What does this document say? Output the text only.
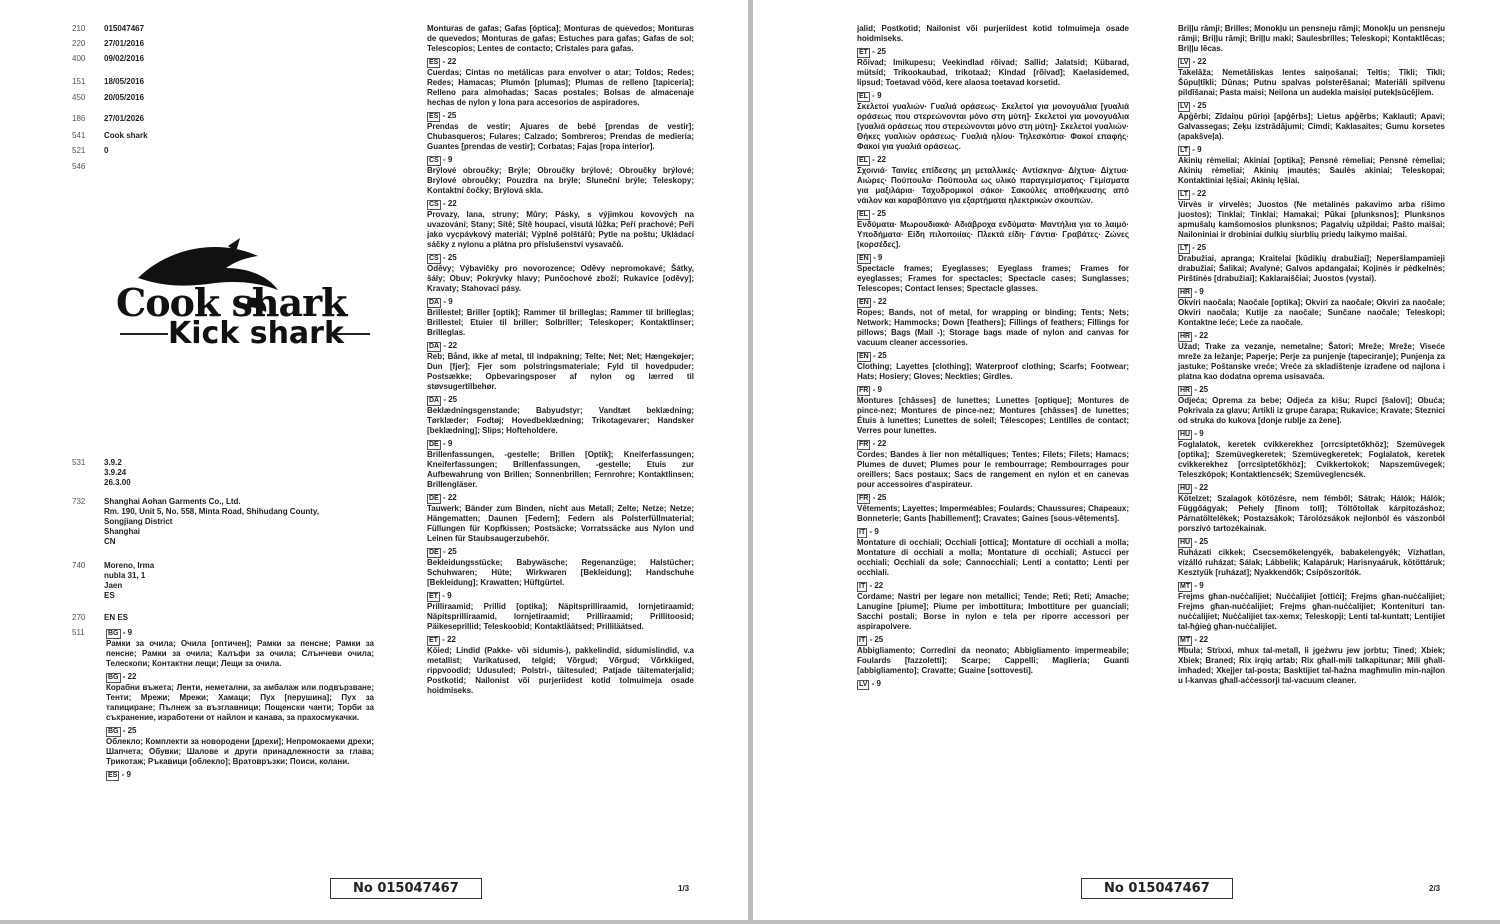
210	015047467
220	27/01/2016
400	09/02/2016
151	18/05/2016
450	20/05/2016
186	27/01/2026
541	Cook shark
521	0
546
Cook shark
Kick shark
531	3.9.2
3.9.24
26.3.00
732	Shanghai Aohan Garments Co., Ltd.
Rm. 190, Unit 5, No. 558, Minta Road, Shihudang County,
Songjiang District
Shanghai
CN
740	Moreno, Irma
nubla 31, 1
Jaen
ES
270	EN ES
511	BG - 9
Рамки за очила; Очила [оптичен]; Рамки за пенсне; Рамки за пенсне; Рамки за очила; Калъфи за очила; Слънчеви очила; Телескопи; Контактни лещи; Лещи за очила.
BG - 22
Корабни въжета; Ленти, неметални, за амбалаж или подвързване; Тенти; Мрежи; Мрежи; Хамаци; Пух [перушина]; Пух за тапициране; Пълнеж за възглавници; Пощенски чанти; Торби за съхранение, изработени от найлон и канава, за прахосмукачки.
BG - 25
Облекло; Комплекти за новородени [дрехи]; Непромокаеми дрехи; Шапчета; Обувки; Шалове и други принадлежности за глава; Трикотаж; Ръкавици [облекло]; Вратовръзки; Поиси, колани.
ES - 9
Monturas de gafas; Gafas [óptica]; Monturas de quevedos; Monturas de quevedos; Monturas de gafas; Estuches para gafas; Gafas de sol; Telescopios; Lentes de contacto; Cristales para gafas.
ES - 22
Cuerdas; Cintas no metálicas para envolver o atar; Toldos; Redes; Redes; Hamacas; Plumón [plumas]; Plumas de relleno [tapicería]; Relleno para almohadas; Sacas postales; Bolsas de almacenaje hechas de nylon y lona para accesorios de aspiradores.
ES - 25
Prendas de vestir; Ajuares de bebé [prendas de vestir]; Chubasqueros; Fulares; Calzado; Sombreros; Prendas de mediería; Guantes [prendas de vestir]; Corbatas; Fajas [ropa interior].
CS - 9
Brýlové obroučky; Brýle; Obroučky brýlové; Obroučky brýlové; Brýlové obroučky; Pouzdra na brýle; Sluneční brýle; Teleskopy; Kontaktní čočky; Brýlová skla.
CS - 22
Provazy, lana, struny; Můry; Pásky, s výjimkou kovových na uvazování; Stany; Sítě; Sítě houpací, visutá lůžka; Peří prachové; Peří jako vycpávkový materiál; Výplně polštářů; Pytle na poštu; Ukládací sáčky z nylonu a plátna pro příslušenství vysavačů.
CS - 25
Oděvy; Výbavičky pro novorozence; Oděvy nepromokavé; Šátky, šály; Obuv; Pokrývky hlavy; Punčochové zboží; Rukavice [oděvy]; Kravaty; Stahovací pásy.
DA - 9
Brillestel; Briller [optik]; Rammer til brilleglas; Rammer til brilleglas; Brillestel; Etuier til briller; Solbriller; Teleskoper; Kontaktlinser; Brilleglas.
DA - 22
Reb; Bånd, ikke af metal, til indpakning; Telte; Net; Net; Hængekøjer; Dun [fjer]; Fjer som polstringsmateriale; Fyld til hovedpuder; Postsække; Opbevaringsposer af nylon og lærred til støvsugertilbehør.
DA - 25
Beklædningsgenstande; Babyudstyr; Vandtæt beklædning; Tørklæder; Fodtøj; Hovedbeklædning; Trikotagevarer; Handsker [beklædning]; Slips; Hofteholdere.
DE - 9
Brillenfassungen, -gestelle; Brillen [Optik]; Kneiferfassungen; Kneiferfassungen; Brillenfassungen, -gestelle; Etuis zur Aufbewahrung von Brillen; Sonnenbrillen; Fernrohre; Kontaktlinsen; Brillengläser.
DE - 22
Tauwerk; Bänder zum Binden, nicht aus Metall; Zelte; Netze; Netze; Hängematten; Daunen [Federn]; Federn als Polsterfüllmaterial; Füllungen für Kopfkissen; Postsäcke; Vorratssäcke aus Nylon und Leinen für Staubsaugerzubehör.
DE - 25
Bekleidungsstücke; Babywäsche; Regenanzüge; Halstücher; Schuhwaren; Hüte; Wirkwaren [Bekleidung]; Handschuhe [Bekleidung]; Krawatten; Hüftgürtel.
ET - 9
Prilliraamid; Prillid [optika]; Näpitsprilliraamid, lornjetiraamid; Näpitsprilliraamid, lornjetiraamid; Prilliraamid; Prillitoosid; Päikeseprillid; Teleskoobid; Kontaktläätsed; Prilliläätsed.
ET - 22
Köied; Lindid (Pakke- või sidumis-), pakkelindid, sidumislindid, v.a metallist; Varikatused, telgid; Võrgud; Võrgud; Võrkkiiged, rippvoodid; Udusuled; Polstri-, täitesuled; Patjade täitematerjalid; Postkotid; Nailonist või purjeriidest kotid tolmuimeja osade hoidmiseks.
No 015047467	1/3
jalid; Postkotid; Nailonist või purjeriidest kotid tolmuimeja osade hoidmiseks.
ET - 25
Rõivad; Imikupesu; Veekindlad rõivad; Sallid; Jalatsid; Kübarad, mütsid; Trikookaubad, trikotaaž; Kindad [rõivad]; Kaelasidemed, lipsud; Toetavad vööd, kere alaosa toetavad korsetid.
EL - 9
Σκελετοί γυαλιών· Γυαλιά οράσεως· Σκελετοί για μονογυάλια [γυαλιά οράσεως που στερεώνονται μόνο στη μύτη]· Σκελετοί για μονογυάλια [γυαλιά οράσεως που στερεώνονται μόνο στη μύτη]· Σκελετοί γυαλιών· Θήκες γυαλιών οράσεως· Γυαλιά ηλίου· Τηλεσκόπια· Φακοί επαφής· Φακοί για γυαλιά οράσεως.
EL - 22
Σχοινιά· Ταινίες επίδεσης μη μεταλλικές· Αντίσκηνα· Δίχτυα· Δίχτυα· Αιώρες· Πούπουλα· Πούπουλα ως υλικό παραγεμίσματος· Γεμίσματα για μαξιλάρια· Ταχυδρομικοί σάκοι· Σακούλες αποθήκευσης από νάιλον και καραβόπανο για εξαρτήματα ηλεκτρικών σκουπών.
EL - 25
Ενδύματα· Μωρουδιακά· Αδιάβροχα ενδύματα· Μαντήλια για το λαιμό· Υποδήματα· Είδη πιλοποιίας· Πλεκτά είδη· Γάντια· Γραβάτες· Ζώνες [κορσέδες].
EN - 9
Spectacle frames; Eyeglasses; Eyeglass frames; Frames for eyeglasses; Frames for spectacles; Spectacle cases; Sunglasses; Telescopes; Contact lenses; Spectacle glasses.
EN - 22
Ropes; Bands, not of metal, for wrapping or binding; Tents; Nets; Network; Hammocks; Down [feathers]; Fillings of feathers; Fillings for pillows; Bags (Mail -); Storage bags made of nylon and canvas for vacuum cleaner accessories.
EN - 25
Clothing; Layettes [clothing]; Waterproof clothing; Scarfs; Footwear; Hats; Hosiery; Gloves; Neckties; Girdles.
FR - 9
Montures [châsses] de lunettes; Lunettes [optique]; Montures de pince-nez; Montures de pince-nez; Montures [châsses] de lunettes; Étuis à lunettes; Lunettes de soleil; Télescopes; Lentilles de contact; Verres pour lunettes.
FR - 22
Cordes; Bandes à lier non métalliques; Tentes; Filets; Filets; Hamacs; Plumes de duvet; Plumes pour le rembourrage; Rembourrages pour oreillers; Sacs postaux; Sacs de rangement en nylon et en canevas pour accessoires d'aspirateur.
FR - 25
Vêtements; Layettes; Imperméables; Foulards; Chaussures; Chapeaux; Bonneterie; Gants [habillement]; Cravates; Gaines [sous-vêtements].
IT - 9
Montature di occhiali; Occhiali [ottica]; Montature di occhiali a molla; Montature di occhiali a molla; Montature di occhiali; Astucci per occhiali; Occhiali da sole; Cannocchiali; Lenti a contatto; Lenti per occhiali.
IT - 22
Cordame; Nastri per legare non metallici; Tende; Reti; Reti; Amache; Lanugine [piume]; Piume per imbottitura; Imbottiture per guanciali; Sacchi postali; Borse in nylon e tela per riporre accessori per aspirapolvere.
IT - 25
Abbigliamento; Corredini da neonato; Abbigliamento impermeabile; Foulards [fazzoletti]; Scarpe; Cappelli; Maglieria; Guanti [abbigliamento]; Cravatte; Guaine [sottovesti].
LV - 9
Briļļu rāmji; Brilles; Monokļu un pensneju rāmji; Monokļu un pensneju rāmji; Briļļu rāmji; Briļļu maki; Saulesbrilles; Teleskopi; Kontaktlēcas; Briļļu lēcas.
LV - 22
Takelāža; Nemetāliskas lentes saiņošanai; Teltis; Tīkli; Tīkli; Šūpuļtīkli; Dūnas; Putnu spalvas polsterēšanai; Materiāli spilvenu pildīšanai; Pasta maisi; Neilona un audekla maisiņi putekļsūcējiem.
LV - 25
Apģērbi; Zīdaiņu pūriņi [apģērbs]; Lietus apģērbs; Kaklauti; Apavi; Galvassegas; Zeķu izstrādājumi; Cimdi; Kaklasaites; Gumu korsetes (apakšveļa).
LT - 9
Akinių rėmeliai; Akiniai [optika]; Pensnė rėmeliai; Pensnė rėmeliai; Akinių rėmeliai; Akinių įmautės; Saulės akiniai; Teleskopai; Kontaktiniai lęšiai; Akinių lęšiai.
LT - 22
Virvės ir virvelės; Juostos (Ne metalinės pakavimo arba rišimo juostos); Tinklai; Tinklai; Hamakai; Pūkai [plunksnos]; Plunksnos apmušalų kamšomosios plunksnos; Pagalvių užpildai; Pašto maišai; Nailoniniai ir drobiniai dulkių siurblių priedų laikymo maišai.
LT - 25
Drabužiai, apranga; Kraitelai [kūdikių drabužiai]; Neperšlampamieji drabužiai; Šalikai; Avalynė; Galvos apdangalai; Kojinės ir pėdkelnės; Pirštinės [drabužiai]; Kaklaraiščiai; Juostos (vystai).
HR - 9
Okviri naočala; Naočale [optika]; Okviri za naočale; Okviri za naočale; Okviri naočala; Kutije za naočale; Sunčane naočale; Teleskopi; Kontaktne leće; Leće za naočale.
HR - 22
Užad; Trake za vezanje, nemetalne; Šatori; Mreže; Mreže; Viseće mreže za ležanje; Paperje; Perje za punjenje (tapeciranje); Punjenja za jastuke; Poštanske vreće; Vreće za skladištenje izrađene od najlona i platna kao dodatna oprema usisavača.
HR - 25
Odjeća; Oprema za bebe; Odjeća za kišu; Rupci [šalovi]; Obuća; Pokrivala za glavu; Artikli iz grupe čarapa; Rukavice; Kravate; Steznici od struka do kukova [donje rublje za žene].
HU - 9
Foglalatok, keretek cvikkerekhez [orrcsiptetőkhöz]; Szemüvegek [optika]; Szemüvegkeretek; Szemüvegkeretek; Foglalatok, keretek cvikkerekhez [orrcsiptetőkhöz]; Cvikkertokok; Napszemüvegek; Teleszkópok; Kontaktlencsék; Szemüveglencsék.
HU - 22
Kötelzet; Szalagok kötözésre, nem fémből; Sátrak; Hálók; Hálók; Függőágyak; Pehely [finom toll]; Töltőtollak kárpitozáshoz; Párnatöltelékek; Postazsákok; Tárolózsákok nejlonból és vászonból porszívó tartozékainak.
HU - 25
Ruházati cikkek; Csecsemőkelengyék, babakelengyék; Vízhatlan, vízálló ruházat; Sálak; Lábbelik; Kalapáruk; Harisnyaáruk, kötöttáruk; Kesztyűk [ruházat]; Nyakkendők; Csípőszorítók.
MT - 9
Frejms għan-nuċċalijiet; Nuċċalijiet [ottiċi]; Frejms għan-nuċċalijiet; Frejms għan-nuċċalijiet; Frejms għan-nuċċalijiet; Kontenituri tan-nuċċalijiet; Nuċċalijiet tax-xemx; Teleskopji; Lenti tal-kuntatt; Lentijiet tal-ħġieġ għan-nuċċalijiet.
MT - 22
Ħbula; Strixxi, mhux tal-metall, li jgeżwru jew jorbtu; Tined; Xbiek; Xbiek; Braned; Rix irqiq artab; Rix għall-mili talkapitunar; Mili għall-imħaded; Xkejjer tal-posta; Basktijiet tal-ħażna magħmulin min-najlon u l-kanvas għall-aċċessorji tal-vacuum cleaner.
No 015047467	2/3
